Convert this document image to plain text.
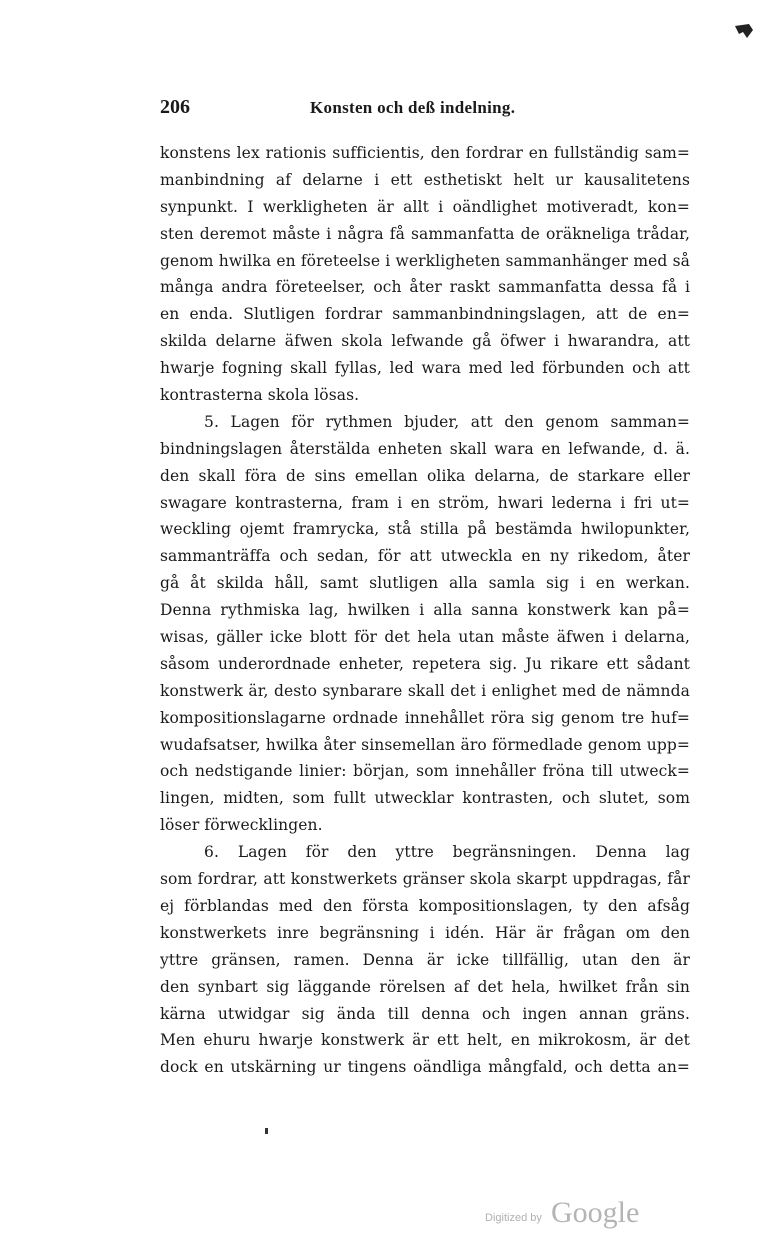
206	Konsten och deß indelning.
konstens lex rationis sufficientis, den fordrar en fullständig sam=
manbindning af delarne i ett esthetiskt helt ur kausalitetens
synpunkt. I werkligheten är allt i oändlighet motiveradt, kon=
sten deremot måste i några få sammanfatta de oräkneliga trådar,
genom hwilka en företeelse i werkligheten sammanhänger med så
många andra företeelser, och åter raskt sammanfatta dessa få i
en enda. Slutligen fordrar sammanbindningslagen, att de en=
skilda delarne äfwen skola lefwande gå öfwer i hwarandra, att
hwarje fogning skall fyllas, led wara med led förbunden och att
kontrasterna skola lösas.
5. Lagen för rythmen bjuder, att den genom samman=
bindningslagen återstälda enheten skall wara en lefwande, d. ä.
den skall föra de sins emellan olika delarna, de starkare eller
swagare kontrasterna, fram i en ström, hwari lederna i fri ut=
weckling ojemt framrycka, stå stilla på bestämda hwilopunkter,
sammanträffa och sedan, för att utweckla en ny rikedom, åter
gå åt skilda håll, samt slutligen alla samla sig i en werkan.
Denna rythmiska lag, hwilken i alla sanna konstwerk kan på=
wisas, gäller icke blott för det hela utan måste äfwen i delarna,
såsom underordnade enheter, repetera sig. Ju rikare ett sådant
konstwerk är, desto synbarare skall det i enlighet med de nämnda
kompositionslagarne ordnade innehållet röra sig genom tre huf=
wudafsatser, hwilka åter sinsemellan äro förmedlade genom upp=
och nedstigande linier: början, som innehåller fröna till utweck=
lingen, midten, som fullt utwecklar kontrasten, och slutet, som
löser förwecklingen.
6. Lagen för den yttre begränsningen. Denna lag
som fordrar, att konstwerkets gränser skola skarpt uppdragas, får
ej förblandas med den första kompositionslagen, ty den afsåg
konstwerkets inre begränsning i idén. Här är frågan om den
yttre gränsen, ramen. Denna är icke tillfällig, utan den är
den synbart sig läggande rörelsen af det hela, hwilket från sin
kärna utwidgar sig ända till denna och ingen annan gräns.
Men ehuru hwarje konstwerk är ett helt, en mikrokosm, är det
dock en utskärning ur tingens oändliga mångfald, och detta an=
Digitized by Google
